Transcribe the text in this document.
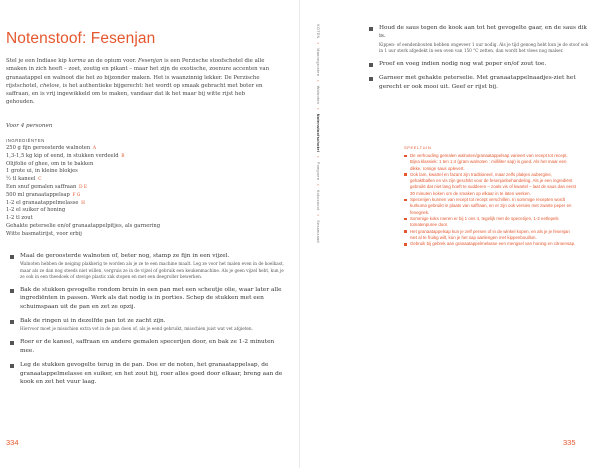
Notenstoof: Fesenjan

Stel je een Indiase kip korma an de opium voor. Fesenjan is een Perzische stoofschotel die alle smaken in zich heeft – zoet, zoutig en pikant – maar het zijn de exotische, zoenure accenten van granaatappel en walnoot die het zo bijzonder maken. Het is waanzinnig lekker. De Perzische rijstschotel, chelow, is het authentieke bijgerecht: het wordt op smaak gebracht met boter en saffraan, en is vrij ingewikkeld om te maken, vandaar dat ik het maar bij witte rijst heb gehouden.

Voor 4 personen
INGREDIËNTEN
250 g fijn geroosterde walnoten A
1,3-1,5 kg kip of eend, in stukken verdeeld B
Olijfolie of ghee, om in te bakken
1 grote ui, in kleine blokjes
½ tl kaneel C
Een snuf gemalen saffraan D E
500 ml granaatappelsap F G
1-2 el granaatappelmelasse H
1-2 el suiker of honing
1-2 tl zout
Gehakte peterselie en/of granaatappelpitjes, als garnering
Witte basmatirijst, voor erbij
Maal de geroosterde walnoten of, beter nog, stamp ze fijn in een vijzel.
Walnoten hebben de neiging plakkerig te worden als je ze te een machine maalt. Leg ze voor het malen even in de koelkast, maar als ze dan nog steeds niet willen, vergruis ze in de vijzel of gebruik een keukenmachine. Als je geen vijzel hebt, kun je ze ook in een theedoek of stevige plastic zak stopen en met een deegroller bewerken.
Bak de stukken gevogelte rondom bruin in een pan met een scheutje olie, waar later alle ingrediënten in passen. Werk als dat nodig is in porties. Schep de stukken met een schuimspaan uit de pan en zet ze opzij.
Bak de ringen ui in dezelfde pan tot ze zacht zijn.
Hiervoor moet je misschien extra vet in de pan doen of, als je eend gebruikt, misschien juist wat vet afgieten.
Roer er de kaneel, saffraan en andere gemalen specerijen door, en bak ze 1-2 minuten mee.
Leg de stukken gevogelte terug in de pan. Doe er de noten, het granaatappelsap, de granaatappelmelasse en suiker, en het zout bij, roer alles goed door elkaar, breng aan de kook en zet het vuur laag.
334
KOTEN
•
Manoegrosten
•
Walnoten
•
Notenstoofschotel
•
Pompoen
•
Kokosnoot
•
Sesamzaad
Houd de saus tegen de kook aan tot het gevogelte gaar, en de saus dik is.
Kippen- of eendenbouten hebben ongeveer 1 uur nodig. Als je tijd genoeg hebt kun je de stoof ook in 1 uur sterk afgedekt in een oven van 150 °C zetten, dan wordt het vlees nog malser.
Proef en voeg indien nodig nog wat poper en/of zout toe.
Garneer met gehakte peterselie. Met granaatappelnaadjes-ziet het gerecht er ook mooi uit. Geef er rijst bij.
SPEELTUIN
De verhouding gemalen walnoten/granaatappelsap varieert van recept tot recept. Bijna klassiek: 1 ten 1:4 (gram walnoten : milliliter sap) is goed. Als het maar een dikke, romige saus oplevert.
Ook lam, kwartel en fazant zijn traditioneel, maar zelfs plakjes aubergine, gehaktballen en vis zijn geschikt voor de fesenjanbehandeling. Als je een ingrediënt gebruikt dat niet lang hoeft te sudderen – zoals vis of kwartel – laat de saus dan eerst 30 minuten koken om de smaken op elkaar in te laten werken.
Specerijen kunnen van recept tot recept verschillen. In sommige recepten wordt kurkuma gebruikt in plaats van saffraan, en er zijn ook versies met zwarte peper en fenegriek.
Sommige koks roeren er bij 1 ons 4, tegelijk met de specerijen, 1-2 eetlepels tomatenpuree door.
Het granaatappelsap kun je zelf persen of in de winkel kopen, en als je je fesenjan niet al te fruitig wilt, kun je het sap aanlengen met kippenbouillon.
Gebruik bij gebrek aan granaatappelmelasse een mengsel van honing en citroensap.
335
